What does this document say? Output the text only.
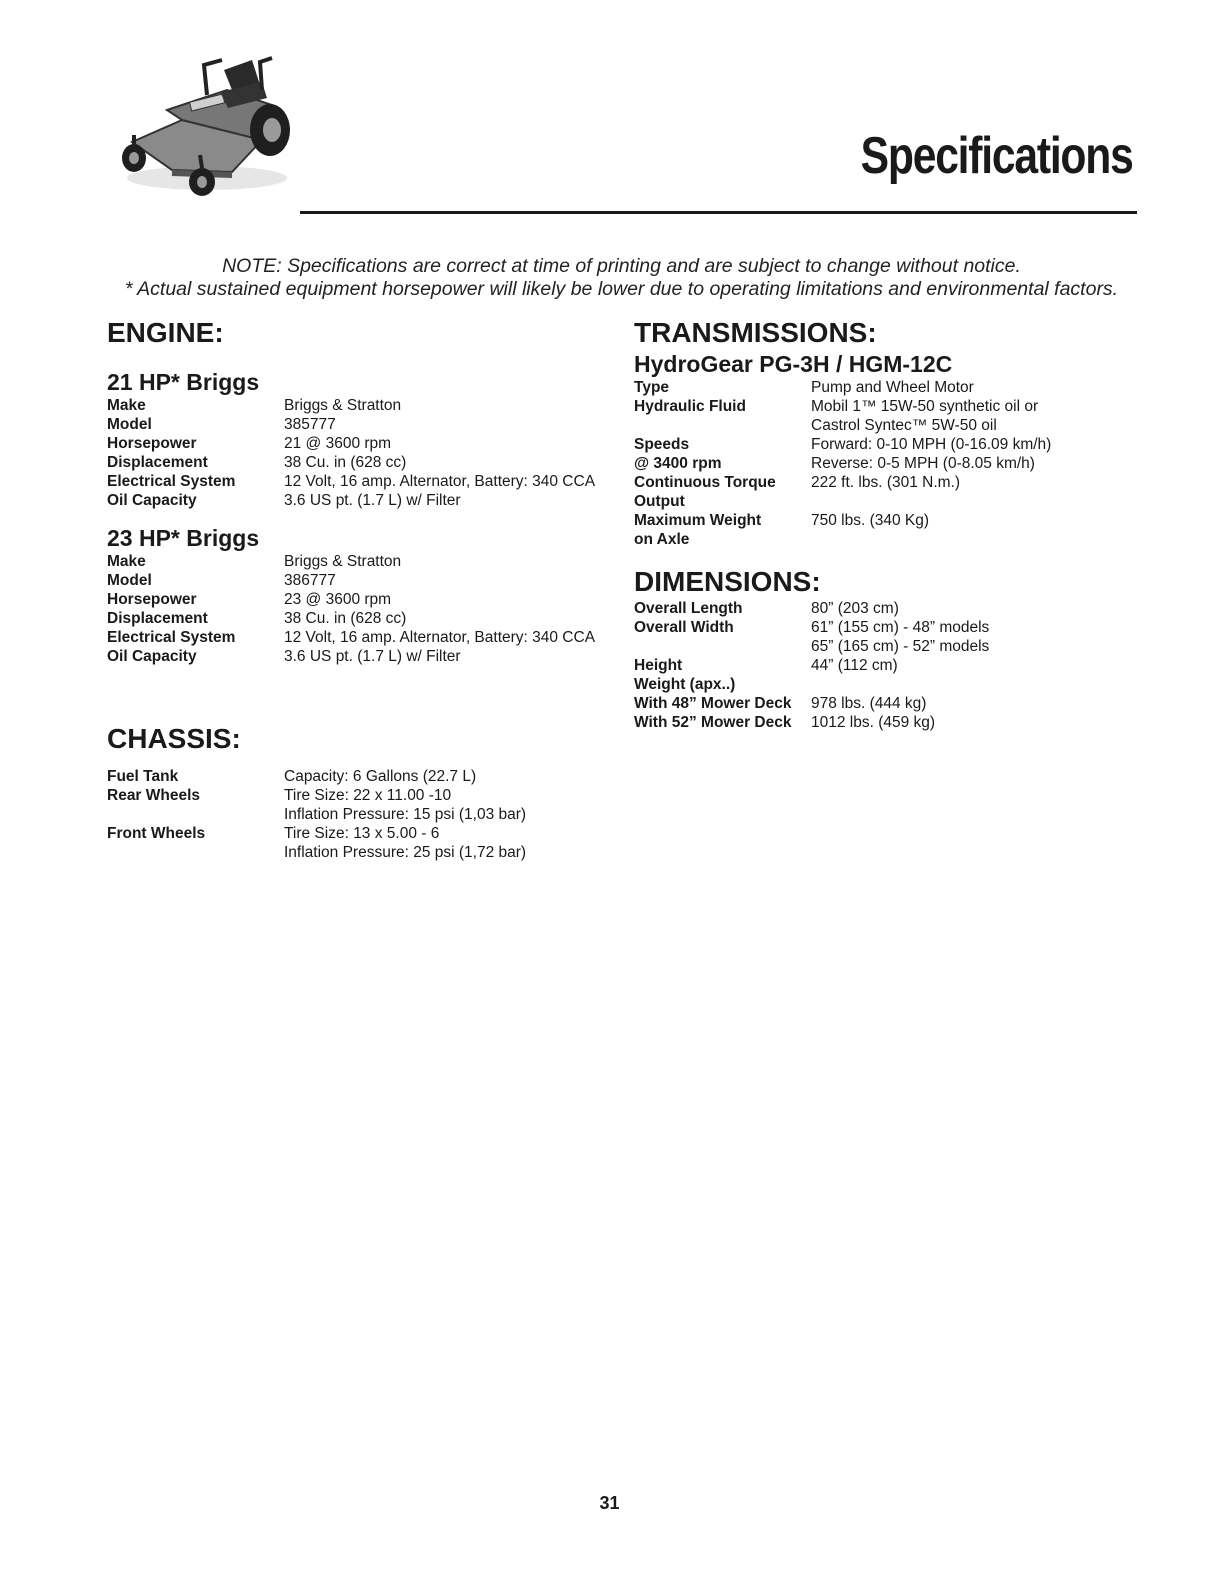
Specifications
NOTE: Specifications are correct at time of printing and are subject to change without notice.
* Actual sustained equipment horsepower will likely be lower due to operating limitations and environmental factors.
ENGINE:
21 HP* Briggs
Make	Briggs & Stratton
Model	385777
Horsepower	21 @ 3600 rpm
Displacement	38 Cu. in (628 cc)
Electrical System	12 Volt, 16 amp. Alternator, Battery: 340 CCA
Oil Capacity	3.6 US pt. (1.7 L) w/ Filter
23 HP* Briggs
Make	Briggs & Stratton
Model	386777
Horsepower	23 @ 3600 rpm
Displacement	38 Cu. in (628 cc)
Electrical System	12 Volt, 16 amp. Alternator, Battery: 340 CCA
Oil Capacity	3.6 US pt. (1.7 L) w/ Filter
CHASSIS:
Fuel Tank	Capacity: 6 Gallons (22.7 L)
Rear Wheels	Tire Size: 22 x 11.00 -10
Inflation Pressure: 15 psi (1,03 bar)
Front Wheels	Tire Size: 13 x 5.00 - 6
Inflation Pressure: 25 psi (1,72 bar)
TRANSMISSIONS:
HydroGear PG-3H / HGM-12C
Type	Pump and Wheel Motor
Hydraulic Fluid	Mobil 1™ 15W-50 synthetic oil or
Castrol Syntec™ 5W-50 oil
Speeds	Forward: 0-10 MPH (0-16.09 km/h)
@ 3400 rpm	Reverse: 0-5 MPH (0-8.05 km/h)
Continuous Torque	222 ft. lbs. (301 N.m.)
Output
Maximum Weight	750 lbs. (340 Kg)
on Axle
DIMENSIONS:
Overall Length	80” (203 cm)
Overall Width	61” (155 cm) - 48” models
65” (165 cm) - 52” models
Height	44” (112 cm)
Weight (apx..)
With 48” Mower Deck	978 lbs. (444 kg)
With 52” Mower Deck	1012 lbs. (459 kg)
31
